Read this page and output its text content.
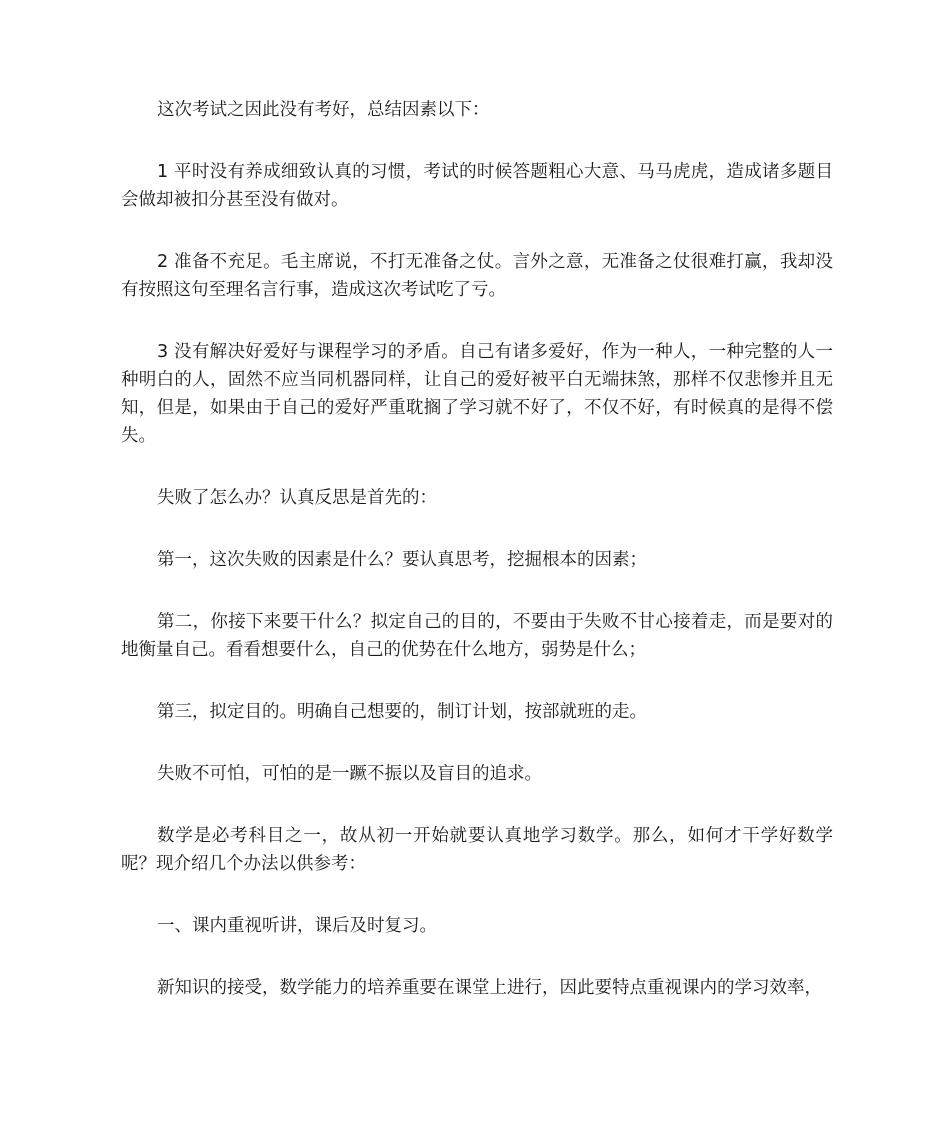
这次考试之因此没有考好，总结因素以下：

1 平时没有养成细致认真的习惯，考试的时候答题粗心大意、马马虎虎，造成诸多题目会做却被扣分甚至没有做对。

2 准备不充足。毛主席说，不打无准备之仗。言外之意，无准备之仗很难打赢，我却没有按照这句至理名言行事，造成这次考试吃了亏。

3 没有解决好爱好与课程学习的矛盾。自己有诸多爱好，作为一种人，一种完整的人一种明白的人，固然不应当同机器同样，让自己的爱好被平白无端抹煞，那样不仅悲惨并且无知，但是，如果由于自己的爱好严重耽搁了学习就不好了，不仅不好，有时候真的是得不偿失。

失败了怎么办？认真反思是首先的：

第一，这次失败的因素是什么？要认真思考，挖掘根本的因素；

第二，你接下来要干什么？拟定自己的目的，不要由于失败不甘心接着走，而是要对的地衡量自己。看看想要什么，自己的优势在什么地方，弱势是什么；

第三，拟定目的。明确自己想要的，制订计划，按部就班的走。

失败不可怕，可怕的是一蹶不振以及盲目的追求。

数学是必考科目之一，故从初一开始就要认真地学习数学。那么，如何才干学好数学呢？现介绍几个办法以供参考：

一、课内重视听讲，课后及时复习。

新知识的接受，数学能力的培养重要在课堂上进行，因此要特点重视课内的学习效率，
